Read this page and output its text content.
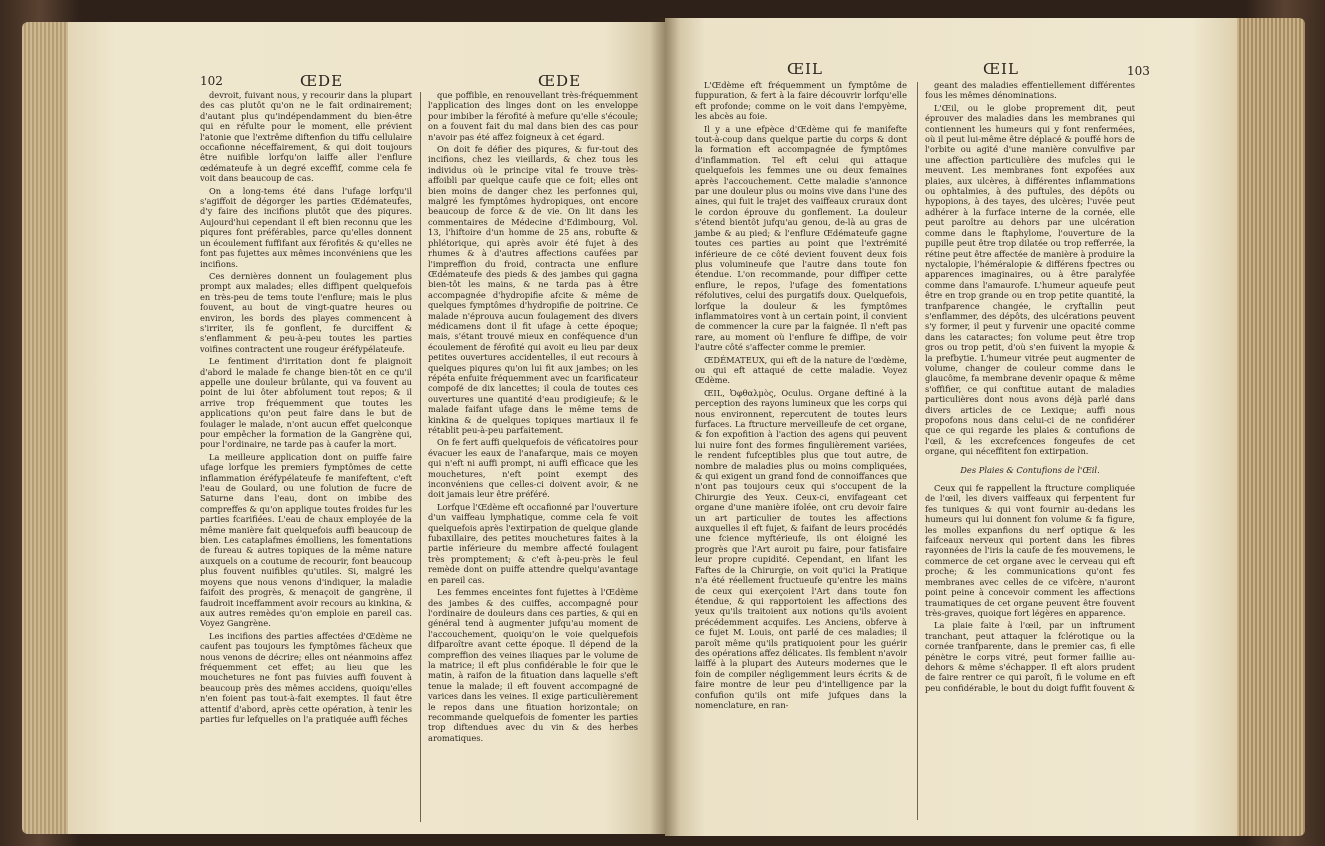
102	ŒDE	ŒDE

devroit, fuivant nous, y recourir dans la plupart des cas plutôt qu'on ne le fait ordinairement; d'autant plus qu'indépendamment du bien-être qui en réfulte pour le moment, elle prévient l'atonie que l'extrême diftenfion du tiffu cellulaire occafionne néceffairement, & qui doit toujours être nuifible lorfqu'on laiffe aller l'enflure œdémateufe à un degré exceffif, comme cela fe voit dans beaucoup de cas.

On a long-tems été dans l'ufage lorfqu'il s'agiffoit de dégorger les parties Œdémateufes, d'y faire des incifions plutôt que des piqures. Aujourd'hui cependant il eft bien reconnu que les piqures font préférables, parce qu'elles donnent un écoulement fuffifant aux férofités & qu'elles ne font pas fujettes aux mêmes inconvéniens que les incifions.

Ces dernières donnent un foulagement plus prompt aux malades; elles diffipent quelquefois en très-peu de tems toute l'enflure; mais le plus fouvent, au bout de vingt-quatre heures ou environ, les bords des playes commencent à s'irriter, ils fe gonflent, fe durciffent & s'enflamment & peu-à-peu toutes les parties voifines contractent une rougeur éréfypélateufe.

Le fentiment d'irritation dont fe plaignoit d'abord le malade fe change bien-tôt en ce qu'il appelle une douleur brûlante, qui va fouvent au point de lui ôter abfolument tout repos; & il arrive trop fréquemment que toutes les applications qu'on peut faire dans le but de foulager le malade, n'ont aucun effet quelconque pour empêcher la formation de la Gangrène qui, pour l'ordinaire, ne tarde pas à caufer la mort.

La meilleure application dont on puiffe faire ufage lorfque les premiers fymptômes de cette inflammation éréfypélateufe fe manifeftent, c'eft l'eau de Goulard, ou une folution de fucre de Saturne dans l'eau, dont on imbibe des compreffes & qu'on applique toutes froides fur les parties fcarifiées. L'eau de chaux employée de la même manière fait quelquefois auffi beaucoup de bien. Les cataplafmes émolliens, les fomentations de fureau & autres topiques de la même nature auxquels on a coutume de recourir, font beaucoup plus fouvent nuifibles qu'utiles. Si, malgré les moyens que nous venons d'indiquer, la maladie faifoit des progrès, & menaçoit de gangrène, il faudroit inceffamment avoir recours au kinkina, & aux autres remèdes qu'on emploie en pareil cas. Voyez Gangrène.

Les incifions des parties affectées d'Œdème ne caufent pas toujours les fymptômes fâcheux que nous venons de décrire; elles ont néanmoins affez fréquemment cet effet; au lieu que les mouchetures ne font pas fuivies auffi fouvent à beaucoup près des mêmes accidens, quoiqu'elles n'en foient pas tout-à-fait exemptes. Il faut être attentif d'abord, après cette opération, à tenir les parties fur lefquelles on l'a pratiquée auffi féches

que poffible, en renouvellant très-fréquemment l'application des linges dont on les enveloppe pour imbiber la férofité à mefure qu'elle s'écoule; on a fouvent fait du mal dans bien des cas pour n'avoir pas été affez foigneux à cet égard.

On doit fe défier des piqures, & fur-tout des incifions, chez les vieillards, & chez tous les individus où le principe vital fe trouve très-affoibli par quelque caufe que ce foit; elles ont bien moins de danger chez les perfonnes qui, malgré les fymptômes hydropiques, ont encore beaucoup de force & de vie. On lit dans les commentaires de Médecine d'Edimbourg, Vol. 13, l'hiftoire d'un homme de 25 ans, robufte & phlétorique, qui après avoir été fujet à des rhumes & à d'autres affections caufées par l'impreffion du froid, contracta une enflure Œdémateufe des pieds & des jambes qui gagna bien-tôt les mains, & ne tarda pas à être accompagnée d'hydropifie afcite & même de quelques fymptômes d'hydropifie de poitrine. Ce malade n'éprouva aucun foulagement des divers médicamens dont il fit ufage à cette époque; mais, s'étant trouvé mieux en conféquence d'un écoulement de férofité qui avoit eu lieu par deux petites ouvertures accidentelles, il eut recours à quelques piqures qu'on lui fit aux jambes; on les répéta enfuite fréquemment avec un fcarificateur compofé de dix lancettes; il coula de toutes ces ouvertures une quantité d'eau prodigieufe; & le malade faifant ufage dans le même tems de kinkina & de quelques topiques martiaux il fe rétablit peu-à-peu parfaitement.

On fe fert auffi quelquefois de véficatoires pour évacuer les eaux de l'anafarque, mais ce moyen qui n'eft ni auffi prompt, ni auffi efficace que les mouchetures, n'eft point exempt des inconvéniens que celles-ci doivent avoir, & ne doit jamais leur être préféré.

Lorfque l'Œdème eft occafionné par l'ouverture d'un vaiffeau lymphatique, comme cela fe voit quelquefois après l'extirpation de quelque glande fubaxillaire, des petites mouchetures faites à la partie inférieure du membre affecté foulagent très promptement; & c'eft à-peu-près le feul remède dont on puiffe attendre quelqu'avantage en pareil cas.

Les femmes enceintes font fujettes à l'Œdème des jambes & des cuiffes, accompagné pour l'ordinaire de douleurs dans ces parties, & qui en général tend à augmenter jufqu'au moment de l'accouchement, quoiqu'on le voie quelquefois difparoître avant cette époque. Il dépend de la compreffion des veines iliaques par le volume de la matrice; il eft plus confidérable le foir que le matin, à raifon de la fituation dans laquelle s'eft tenue la malade; il eft fouvent accompagné de varices dans les veines. Il exige particulièrement le repos dans une fituation horizontale; on recommande quelquefois de fomenter les parties trop diftendues avec du vin & des herbes aromatiques.

ŒIL	ŒIL	103

L'Œdème eft fréquemment un fymptôme de fuppuration, & fert à la faire découvrir lorfqu'elle eft profonde; comme on le voit dans l'empyème, les abcès au foie.

Il y a une efpèce d'Œdème qui fe manifefte tout-à-coup dans quelque partie du corps & dont la formation eft accompagnée de fymptômes d'inflammation. Tel eft celui qui attaque quelquefois les femmes une ou deux femaines après l'accouchement. Cette maladie s'annonce par une douleur plus ou moins vive dans l'une des aines, qui fuit le trajet des vaiffeaux cruraux dont le cordon éprouve du gonflement. La douleur s'étend bientôt jufqu'au genou, de-là au gras de jambe & au pied; & l'enflure Œdémateufe gagne toutes ces parties au point que l'extrémité inférieure de ce côté devient fouvent deux fois plus volumineufe que l'autre dans toute fon étendue. L'on recommande, pour diffiper cette enflure, le repos, l'ufage des fomentations réfolutives, celui des purgatifs doux. Quelquefois, lorfque la douleur & les fymptômes inflammatoires vont à un certain point, il convient de commencer la cure par la faignée. Il n'eft pas rare, au moment où l'enflure fe diffipe, de voir l'autre côté s'affecter comme le premier.

ŒDÉMATEUX, qui eft de la nature de l'œdème, ou qui eft attaqué de cette maladie. Voyez Œdème.

ŒIL, Ὀφθαλμὸς, Oculus. Organe deftiné à la perception des rayons lumineux que les corps qui nous environnent, repercutent de toutes leurs furfaces. La ftructure merveilleufe de cet organe, & fon expofition à l'action des agens qui peuvent lui nuire font des formes fingulièrement variées, le rendent fufceptibles plus que tout autre, de nombre de maladies plus ou moins compliquées, & qui exigent un grand fond de connoiffances que n'ont pas toujours ceux qui s'occupent de la Chirurgie des Yeux. Ceux-ci, envifageant cet organe d'une manière ifolée, ont cru devoir faire un art particulier de toutes les affections auxquelles il eft fujet, & faifant de leurs procédés une fcience myftérieufe, ils ont éloigné les progrès que l'Art auroit pu faire, pour fatisfaire leur propre cupidité. Cependant, en lifant les Faftes de la Chirurgie, on voit qu'ici la Pratique n'a été réellement fructueufe qu'entre les mains de ceux qui exerçoient l'Art dans toute fon étendue, & qui rapportoient les affections des yeux qu'ils traitoient aux notions qu'ils avoient précédemment acquifes. Les Anciens, obferve à ce fujet M. Louis, ont parlé de ces maladies; il paroît même qu'ils pratiquoient pour les guérir des opérations affez délicates. Ils femblent n'avoir laiffé à la plupart des Auteurs modernes que le foin de compiler négligemment leurs écrits & de faire montre de leur peu d'intelligence par la confufion qu'ils ont mife jufques dans la nomenclature, en ran-

geant des maladies effentiellement différentes fous les mêmes dénominations.

L'Œil, ou le globe proprement dit, peut éprouver des maladies dans les membranes qui contiennent les humeurs qui y font renfermées, où il peut lui-même être déplacé & pouffé hors de l'orbite ou agité d'une manière convulfive par une affection particulière des mufcles qui le meuvent. Les membranes font expofées aux plaies, aux ulcères, à différentes inflammations ou ophtalmies, à des puftules, des dépôts ou hypopions, à des tayes, des ulcères; l'uvée peut adhérer à la furface interne de la cornée, elle peut paroître au dehors par une ulcération comme dans le ftaphylome, l'ouverture de la pupille peut être trop dilatée ou trop refferrée, la rétine peut être affectée de manière à produire la nyctalopie, l'héméralopie & différens fpectres ou apparences imaginaires, ou à être paralyfée comme dans l'amaurofe. L'humeur aqueufe peut être en trop grande ou en trop petite quantité, la tranfparence changée, le cryftallin peut s'enflammer, des dépôts, des ulcérations peuvent s'y former, il peut y furvenir une opacité comme dans les cataractes; fon volume peut être trop gros ou trop petit, d'où s'en fuivent la myopie & la prefbytie. L'humeur vitrée peut augmenter de volume, changer de couleur comme dans le glaucôme, fa membrane devenir opaque & même s'offifier, ce qui conftitue autant de maladies particulières dont nous avons déjà parlé dans divers articles de ce Lexique; auffi nous propofons nous dans celui-ci de ne confidérer que ce qui regarde les plaies & contufions de l'œil, & les excrefcences fongeufes de cet organe, qui néceffitent fon extirpation.

Des Plaies & Contufions de l'Œil.

Ceux qui fe rappellent la ftructure compliquée de l'œil, les divers vaiffeaux qui ferpentent fur fes tuniques & qui vont fournir au-dedans les humeurs qui lui donnent fon volume & fa figure, les molles expanfions du nerf optique & les faifceaux nerveux qui portent dans les fibres rayonnées de l'iris la caufe de fes mouvemens, le commerce de cet organe avec le cerveau qui eft proche; & les communications qu'ont fes membranes avec celles de ce vifcère, n'auront point peine à concevoir comment les affections traumatiques de cet organe peuvent être fouvent très-graves, quoique fort légères en apparence.

La plaie faite à l'œil, par un inftrument tranchant, peut attaquer la fclérotique ou la cornée tranfparente, dans le premier cas, fi elle pénètre le corps vitré, peut former faillie au-dehors & même s'échapper. Il eft alors prudent de faire rentrer ce qui paroît, fi le volume en eft peu confidérable, le bout du doigt fuffit fouvent &
